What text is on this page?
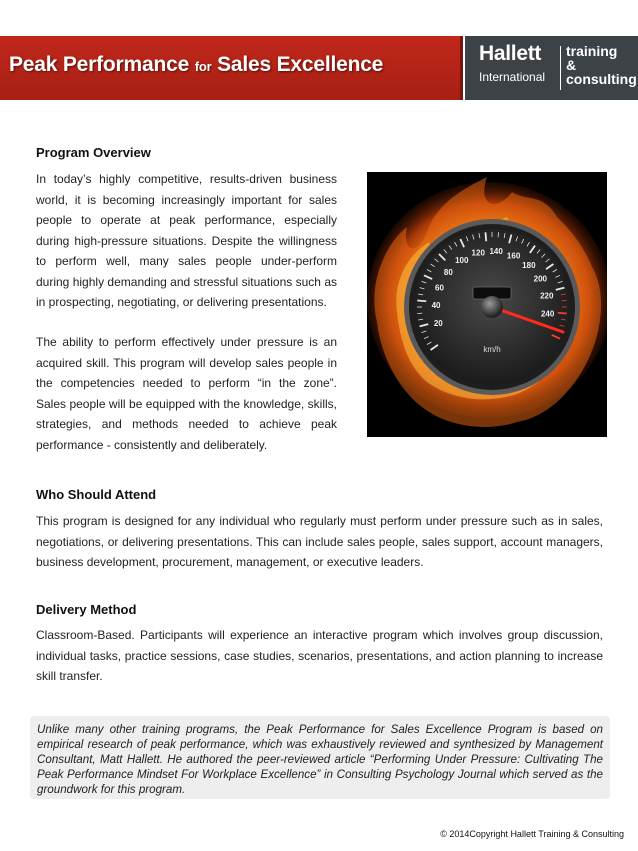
Peak Performance for Sales Excellence	Hallett
International
training
&
consulting
Program Overview
In today’s highly competitive, results-driven business world, it is becoming increasingly important for sales people to operate at peak performance, especially during high-pressure situations. Despite the willingness to perform well, many sales people under-perform during highly demanding and stressful situations such as in prospecting, negotiating, or delivering presentations.
The ability to perform effectively under pressure is an acquired skill. This program will develop sales people in the competencies needed to perform “in the zone”. Sales people will be equipped with the knowledge, skills, strategies, and methods needed to achieve peak performance - consistently and deliberately.
20
40
60
80
100
120 140 160
180
200
220
240
km/h
Who Should Attend
This program is designed for any individual who regularly must perform under pressure such as in sales, negotiations, or delivering presentations. This can include sales people, sales support, account managers, business development, procurement, management, or executive leaders.
Delivery Method
Classroom-Based. Participants will experience an interactive program which involves group discussion, individual tasks, practice sessions, case studies, scenarios, presentations, and action planning to increase skill transfer.
Unlike many other training programs, the Peak Performance for Sales Excellence Program is based on empirical research of peak performance, which was exhaustively reviewed and synthesized by Management Consultant, Matt Hallett. He authored the peer-reviewed article “Performing Under Pressure: Cultivating The Peak Performance Mindset For Workplace Excellence” in Consulting Psychology Journal which served as the groundwork for this program.
© 2014Copyright Hallett Training & Consulting
